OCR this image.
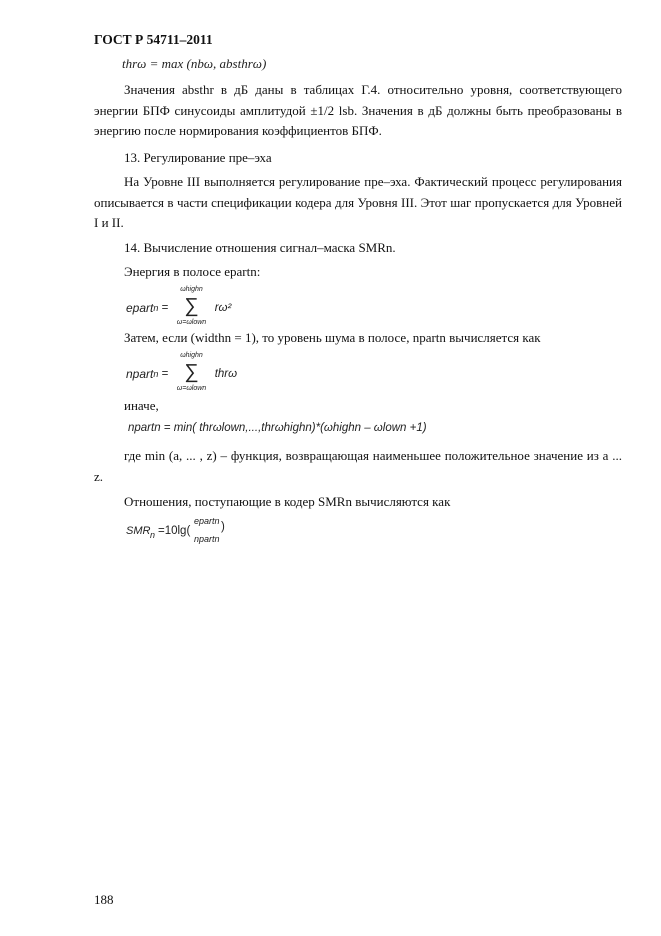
ГОСТ Р 54711–2011
thrω = max (nbω, absthrω)
Значения absthr в дБ даны в таблицах Г.4. относительно уровня, соответствующего энергии БПФ синусоиды амплитудой ±1/2 lsb. Значения в дБ должны быть преобразованы в энергию после нормирования коэффициентов БПФ.
13. Регулирование пре–эха
На Уровне III выполняется регулирование пре–эха. Фактический процесс регулирования описывается в части спецификации кодера для Уровня III. Этот шаг пропускается для Уровней I и II.
14. Вычисление отношения сигнал–маска SMRn.
Энергия в полосе epartn:
epartn =
ωhighn
∑
ω=ωlown
rω²
Затем, если (widthn = 1), то уровень шума в полосе, npartn вычисляется как
npartn =
ωhighn
∑
ω=ωlown
thrω
иначе,
npartn = min( thrωlown,...,thrωhighn)*(ωhighn – ωlown +1)
где min (a, ... , z) – функция, возвращающая наименьшее положительное значение из a ... z.
Отношения, поступающие в кодер SMRn вычисляются как
SMR n =10lg(
epartn
npartn
)
188
